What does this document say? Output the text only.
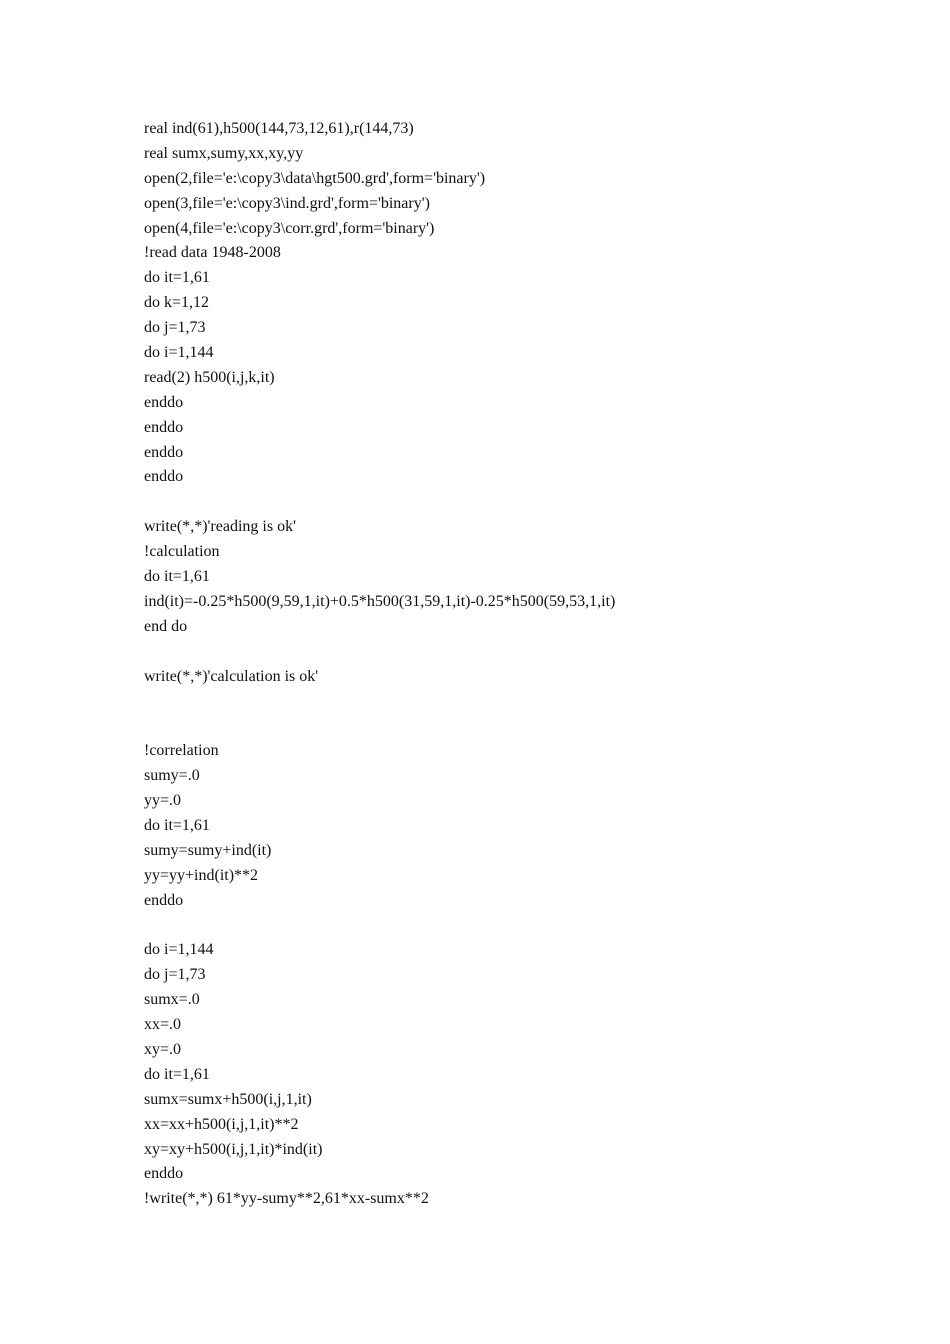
real ind(61),h500(144,73,12,61),r(144,73)
real sumx,sumy,xx,xy,yy
open(2,file='e:\copy3\data\hgt500.grd',form='binary')
open(3,file='e:\copy3\ind.grd',form='binary')
open(4,file='e:\copy3\corr.grd',form='binary')
!read data 1948-2008
do it=1,61
do k=1,12
do j=1,73
do i=1,144
read(2) h500(i,j,k,it)
enddo
enddo
enddo
enddo
write(*,*)'reading is ok'
!calculation
do it=1,61
ind(it)=-0.25*h500(9,59,1,it)+0.5*h500(31,59,1,it)-0.25*h500(59,53,1,it)
end do
write(*,*)'calculation is ok'
!correlation
sumy=.0
yy=.0
do it=1,61
sumy=sumy+ind(it)
yy=yy+ind(it)**2
enddo
do i=1,144
do j=1,73
sumx=.0
xx=.0
xy=.0
do it=1,61
sumx=sumx+h500(i,j,1,it)
xx=xx+h500(i,j,1,it)**2
xy=xy+h500(i,j,1,it)*ind(it)
enddo
!write(*,*) 61*yy-sumy**2,61*xx-sumx**2
